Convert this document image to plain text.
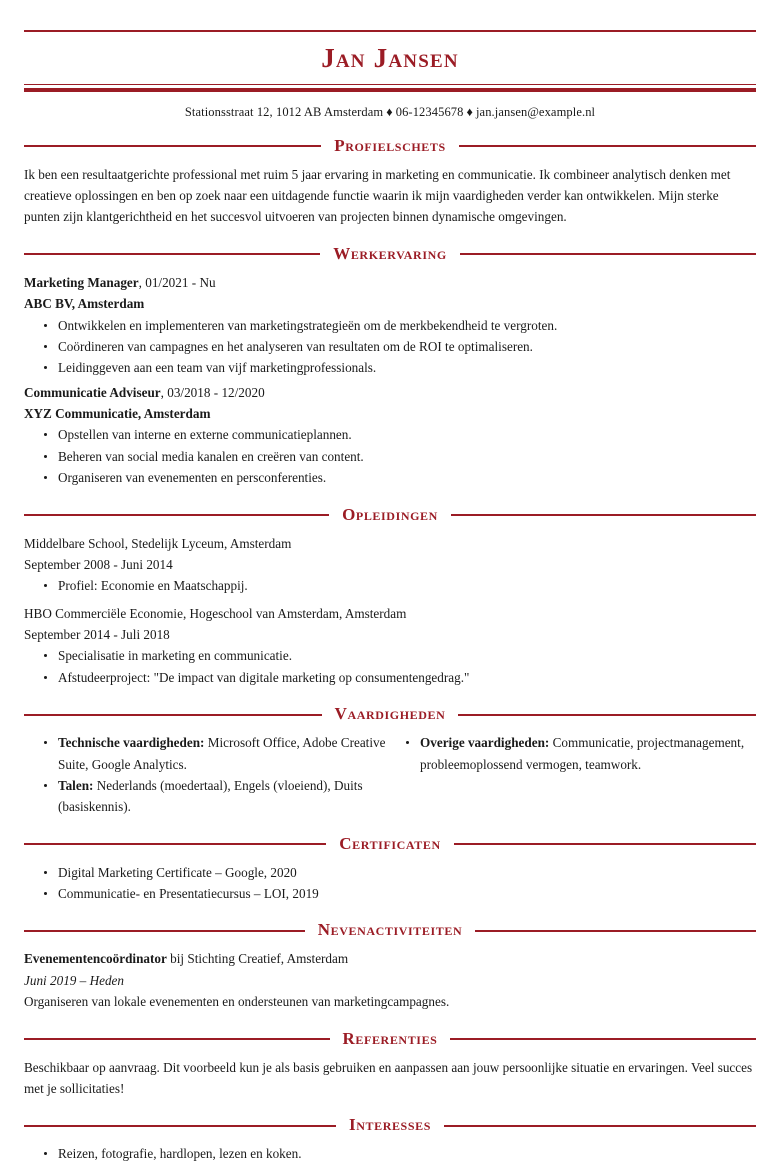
Jan Jansen
Stationsstraat 12, 1012 AB Amsterdam ♦ 06-12345678 ♦ jan.jansen@example.nl
Profielschets

Ik ben een resultaatgerichte professional met ruim 5 jaar ervaring in marketing en communicatie. Ik combineer analytisch denken met creatieve oplossingen en ben op zoek naar een uitdagende functie waarin ik mijn vaardigheden verder kan ontwikkelen. Mijn sterke punten zijn klantgerichtheid en het succesvol uitvoeren van projecten binnen dynamische omgevingen.

Werkervaring
Marketing Manager, 01/2021 - Nu
ABC BV, Amsterdam
Ontwikkelen en implementeren van marketingstrategieën om de merkbekendheid te vergroten.
Coördineren van campagnes en het analyseren van resultaten om de ROI te optimaliseren.
Leidinggeven aan een team van vijf marketingprofessionals.
Communicatie Adviseur, 03/2018 - 12/2020
XYZ Communicatie, Amsterdam
Opstellen van interne en externe communicatieplannen.
Beheren van social media kanalen en creëren van content.
Organiseren van evenementen en persconferenties.
Opleidingen
Middelbare School, Stedelijk Lyceum, Amsterdam
September 2008 - Juni 2014
Profiel: Economie en Maatschappij.
HBO Commerciële Economie, Hogeschool van Amsterdam, Amsterdam
September 2014 - Juli 2018
Specialisatie in marketing en communicatie.
Afstudeerproject: "De impact van digitale marketing op consumentengedrag."
Vaardigheden
Technische vaardigheden: Microsoft Office, Adobe Creative Suite, Google Analytics.
Talen: Nederlands (moedertaal), Engels (vloeiend), Duits (basiskennis).
Overige vaardigheden: Communicatie, projectmanagement, probleemoplossend vermogen, teamwork.
Certificaten
Digital Marketing Certificate – Google, 2020
Communicatie- en Presentatiecursus – LOI, 2019
Nevenactiviteiten
Evenementencoördinator bij Stichting Creatief, Amsterdam
Juni 2019 – Heden
Organiseren van lokale evenementen en ondersteunen van marketingcampagnes.
Referenties

Beschikbaar op aanvraag. Dit voorbeeld kun je als basis gebruiken en aanpassen aan jouw persoonlijke situatie en ervaringen. Veel succes met je sollicitaties!

Interesses
Reizen, fotografie, hardlopen, lezen en koken.
